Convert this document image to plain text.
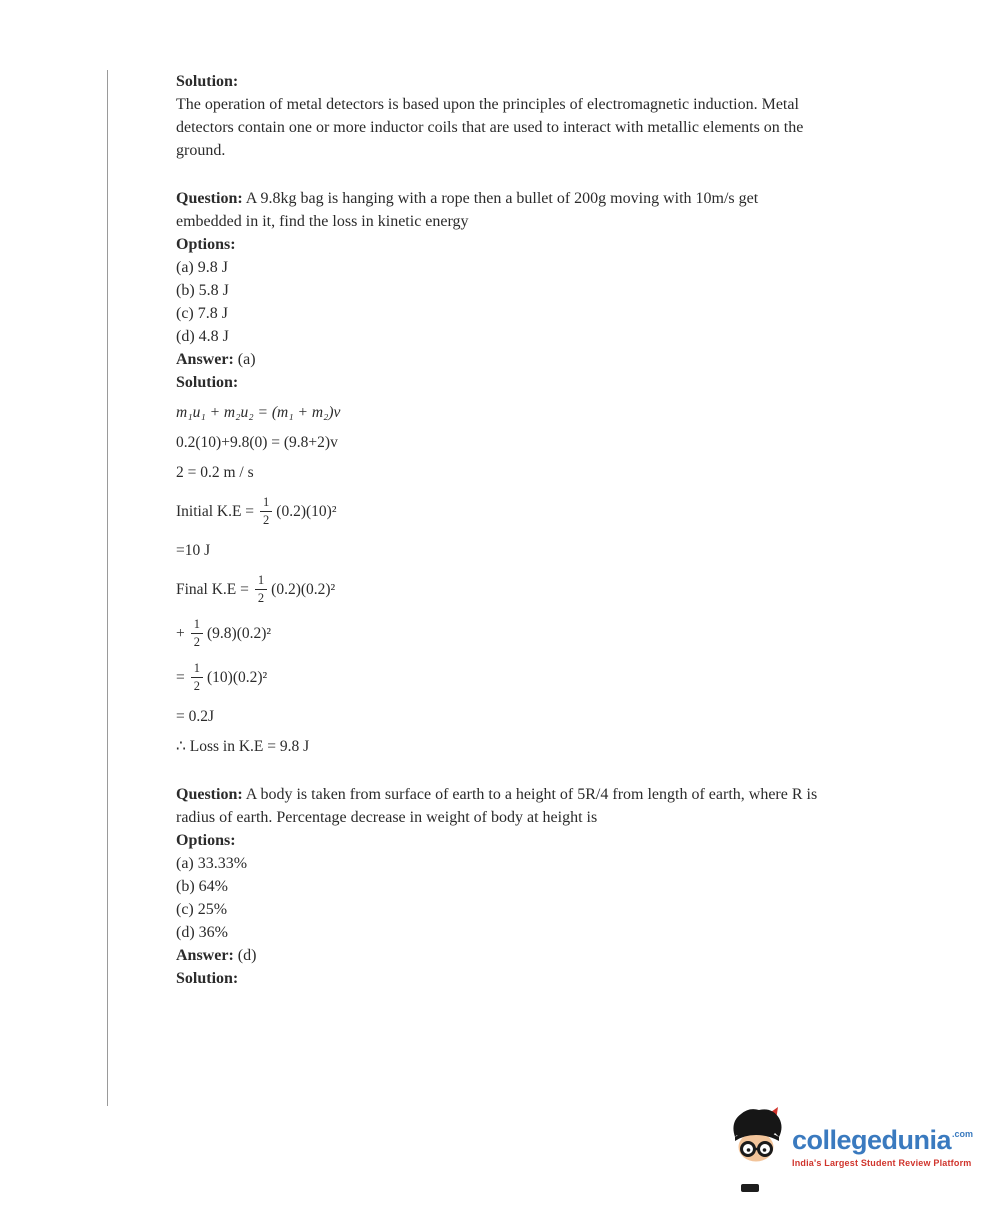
Solution:

The operation of metal detectors is based upon the principles of electromagnetic induction. Metal detectors contain one or more inductor coils that are used to interact with metallic elements on the ground.

Question: A 9.8kg bag is hanging with a rope then a bullet of 200g moving with 10m/s get embedded in it, find the loss in kinetic energy

Options:

(a) 9.8 J

(b) 5.8 J

(c) 7.8 J

(d) 4.8 J

Answer: (a)

Solution:

m₁u₁ + m₂u₂ = (m₁ + m₂)v
0.2(10)+9.8(0) = (9.8+2)v
2 = 0.2 m / s
Initial $K.E = \frac{1}{2} (0.2)(10)^2$
=10 J
Final $K.E = \frac{1}{2} (0.2)(0.2)^2$
+ $\frac{1}{2} (9.8)(0.2)^2$
= $\frac{1}{2} (10)(0.2)^2$
= 0.2J
∴ Loss in K.E = 9.8 J

Question: A body is taken from surface of earth to a height of 5R/4 from length of earth, where R is radius of earth. Percentage decrease in weight of body at height is

Options:

(a) 33.33%

(b) 64%

(c) 25%

(d) 36%

Answer: (d)

Solution:

collegedunia$^{.com}$
India's Largest Student Review Platform
